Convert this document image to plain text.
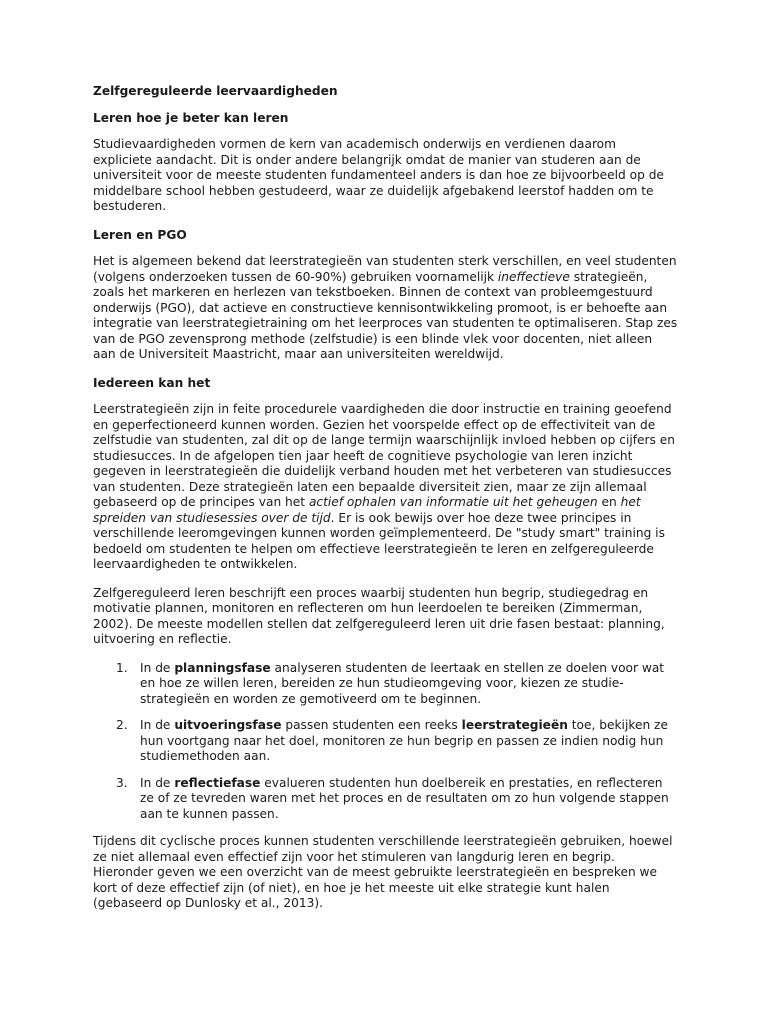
Zelfgereguleerde leervaardigheden
Leren hoe je beter kan leren

Studievaardigheden vormen de kern van academisch onderwijs en verdienen daarom expliciete aandacht. Dit is onder andere belangrijk omdat de manier van studeren aan de universiteit voor de meeste studenten fundamenteel anders is dan hoe ze bijvoorbeeld op de middelbare school hebben gestudeerd, waar ze duidelijk afgebakend leerstof hadden om te bestuderen.

Leren en PGO

Het is algemeen bekend dat leerstrategieën van studenten sterk verschillen, en veel studenten (volgens onderzoeken tussen de 60-90%) gebruiken voornamelijk ineffectieve strategieën, zoals het markeren en herlezen van tekstboeken. Binnen de context van probleemgestuurd onderwijs (PGO), dat actieve en constructieve kennisontwikkeling promoot, is er behoefte aan integratie van leerstrategietraining om het leerproces van studenten te optimaliseren. Stap zes van de PGO zevensprong methode (zelfstudie) is een blinde vlek voor docenten, niet alleen aan de Universiteit Maastricht, maar aan universiteiten wereldwijd.

Iedereen kan het

Leerstrategieën zijn in feite procedurele vaardigheden die door instructie en training geoefend en geperfectioneerd kunnen worden. Gezien het voorspelde effect op de effectiviteit van de zelfstudie van studenten, zal dit op de lange termijn waarschijnlijk invloed hebben op cijfers en studiesucces. In de afgelopen tien jaar heeft de cognitieve psychologie van leren inzicht gegeven in leerstrategieën die duidelijk verband houden met het verbeteren van studiesucces van studenten. Deze strategieën laten een bepaalde diversiteit zien, maar ze zijn allemaal gebaseerd op de principes van het actief ophalen van informatie uit het geheugen en het spreiden van studiesessies over de tijd. Er is ook bewijs over hoe deze twee principes in verschillende leeromgevingen kunnen worden geïmplementeerd. De "study smart" training is bedoeld om studenten te helpen om effectieve leerstrategieën te leren en zelfgereguleerde leervaardigheden te ontwikkelen.

Zelfgereguleerd leren beschrijft een proces waarbij studenten hun begrip, studiegedrag en motivatie plannen, monitoren en reflecteren om hun leerdoelen te bereiken (Zimmerman, 2002). De meeste modellen stellen dat zelfgereguleerd leren uit drie fasen bestaat: planning, uitvoering en reflectie.

1. In de planningsfase analyseren studenten de leertaak en stellen ze doelen voor wat en hoe ze willen leren, bereiden ze hun studieomgeving voor, kiezen ze studie-strategieën en worden ze gemotiveerd om te beginnen.
2. In de uitvoeringsfase passen studenten een reeks leerstrategieën toe, bekijken ze hun voortgang naar het doel, monitoren ze hun begrip en passen ze indien nodig hun studiemethoden aan.
3. In de reflectiefase evalueren studenten hun doelbereik en prestaties, en reflecteren ze of ze tevreden waren met het proces en de resultaten om zo hun volgende stappen aan te kunnen passen.

Tijdens dit cyclische proces kunnen studenten verschillende leerstrategieën gebruiken, hoewel ze niet allemaal even effectief zijn voor het stimuleren van langdurig leren en begrip. Hieronder geven we een overzicht van de meest gebruikte leerstrategieën en bespreken we kort of deze effectief zijn (of niet), en hoe je het meeste uit elke strategie kunt halen (gebaseerd op Dunlosky et al., 2013).
